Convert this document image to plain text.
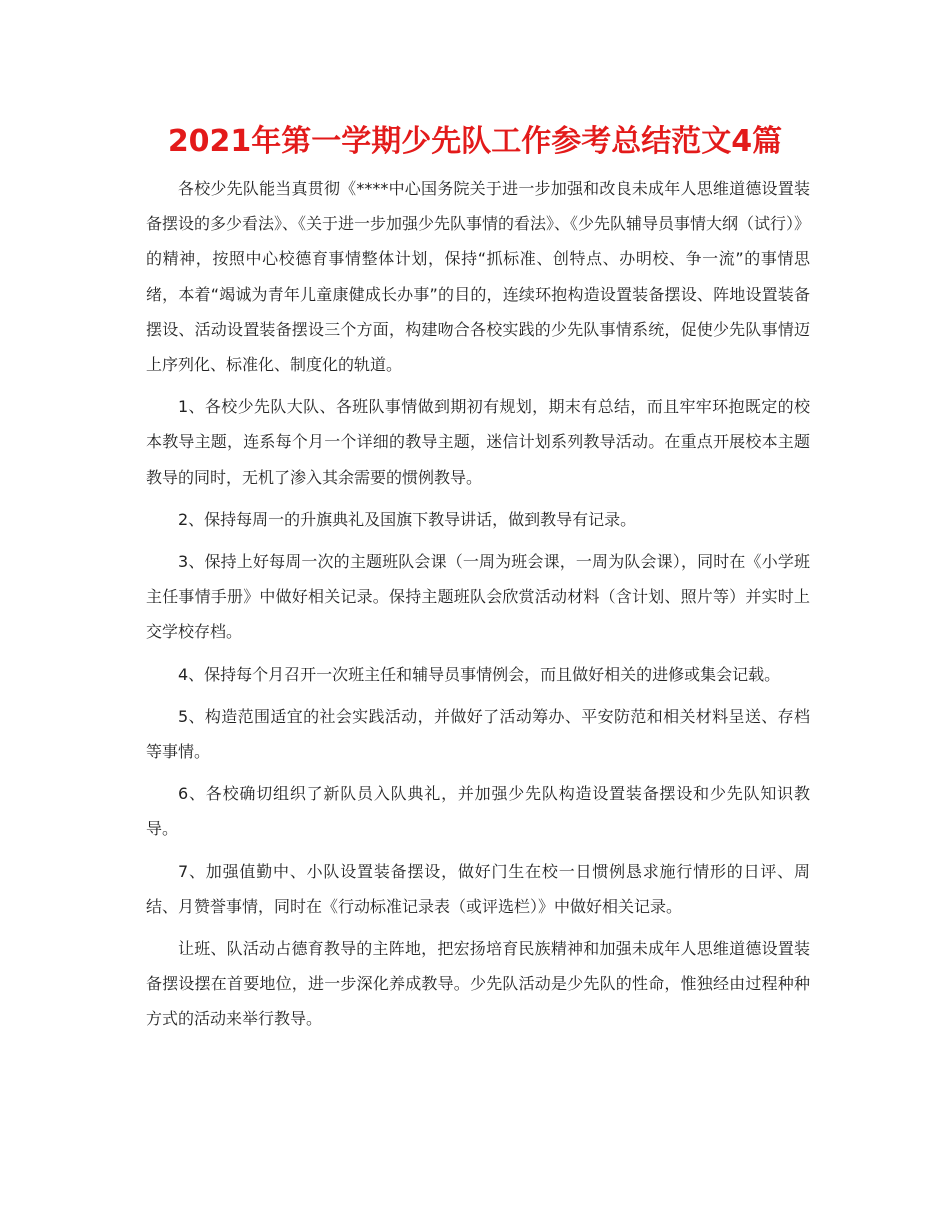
2021年第一学期少先队工作参考总结范文4篇

各校少先队能当真贯彻《****中心国务院关于进一步加强和改良未成年人思维道德设置装备摆设的多少看法》、《关于进一步加强少先队事情的看法》、《少先队辅导员事情大纲（试行）》的精神，按照中心校德育事情整体计划，保持“抓标准、创特点、办明校、争一流”的事情思绪，本着“竭诚为青年儿童康健成长办事”的目的，连续环抱构造设置装备摆设、阵地设置装备摆设、活动设置装备摆设三个方面，构建吻合各校实践的少先队事情系统，促使少先队事情迈上序列化、标准化、制度化的轨道。

1、各校少先队大队、各班队事情做到期初有规划，期末有总结，而且牢牢环抱既定的校本教导主题，连系每个月一个详细的教导主题，迷信计划系列教导活动。在重点开展校本主题教导的同时，无机了渗入其余需要的惯例教导。

2、保持每周一的升旗典礼及国旗下教导讲话，做到教导有记录。

3、保持上好每周一次的主题班队会课（一周为班会课，一周为队会课），同时在《小学班主任事情手册》中做好相关记录。保持主题班队会欣赏活动材料（含计划、照片等）并实时上交学校存档。

4、保持每个月召开一次班主任和辅导员事情例会，而且做好相关的进修或集会记载。

5、构造范围适宜的社会实践活动，并做好了活动筹办、平安防范和相关材料呈送、存档等事情。

6、各校确切组织了新队员入队典礼，并加强少先队构造设置装备摆设和少先队知识教导。

7、加强值勤中、小队设置装备摆设，做好门生在校一日惯例恳求施行情形的日评、周结、月赞誉事情，同时在《行动标准记录表（或评选栏）》中做好相关记录。

让班、队活动占德育教导的主阵地，把宏扬培育民族精神和加强未成年人思维道德设置装备摆设摆在首要地位，进一步深化养成教导。少先队活动是少先队的性命，惟独经由过程种种方式的活动来举行教导。
